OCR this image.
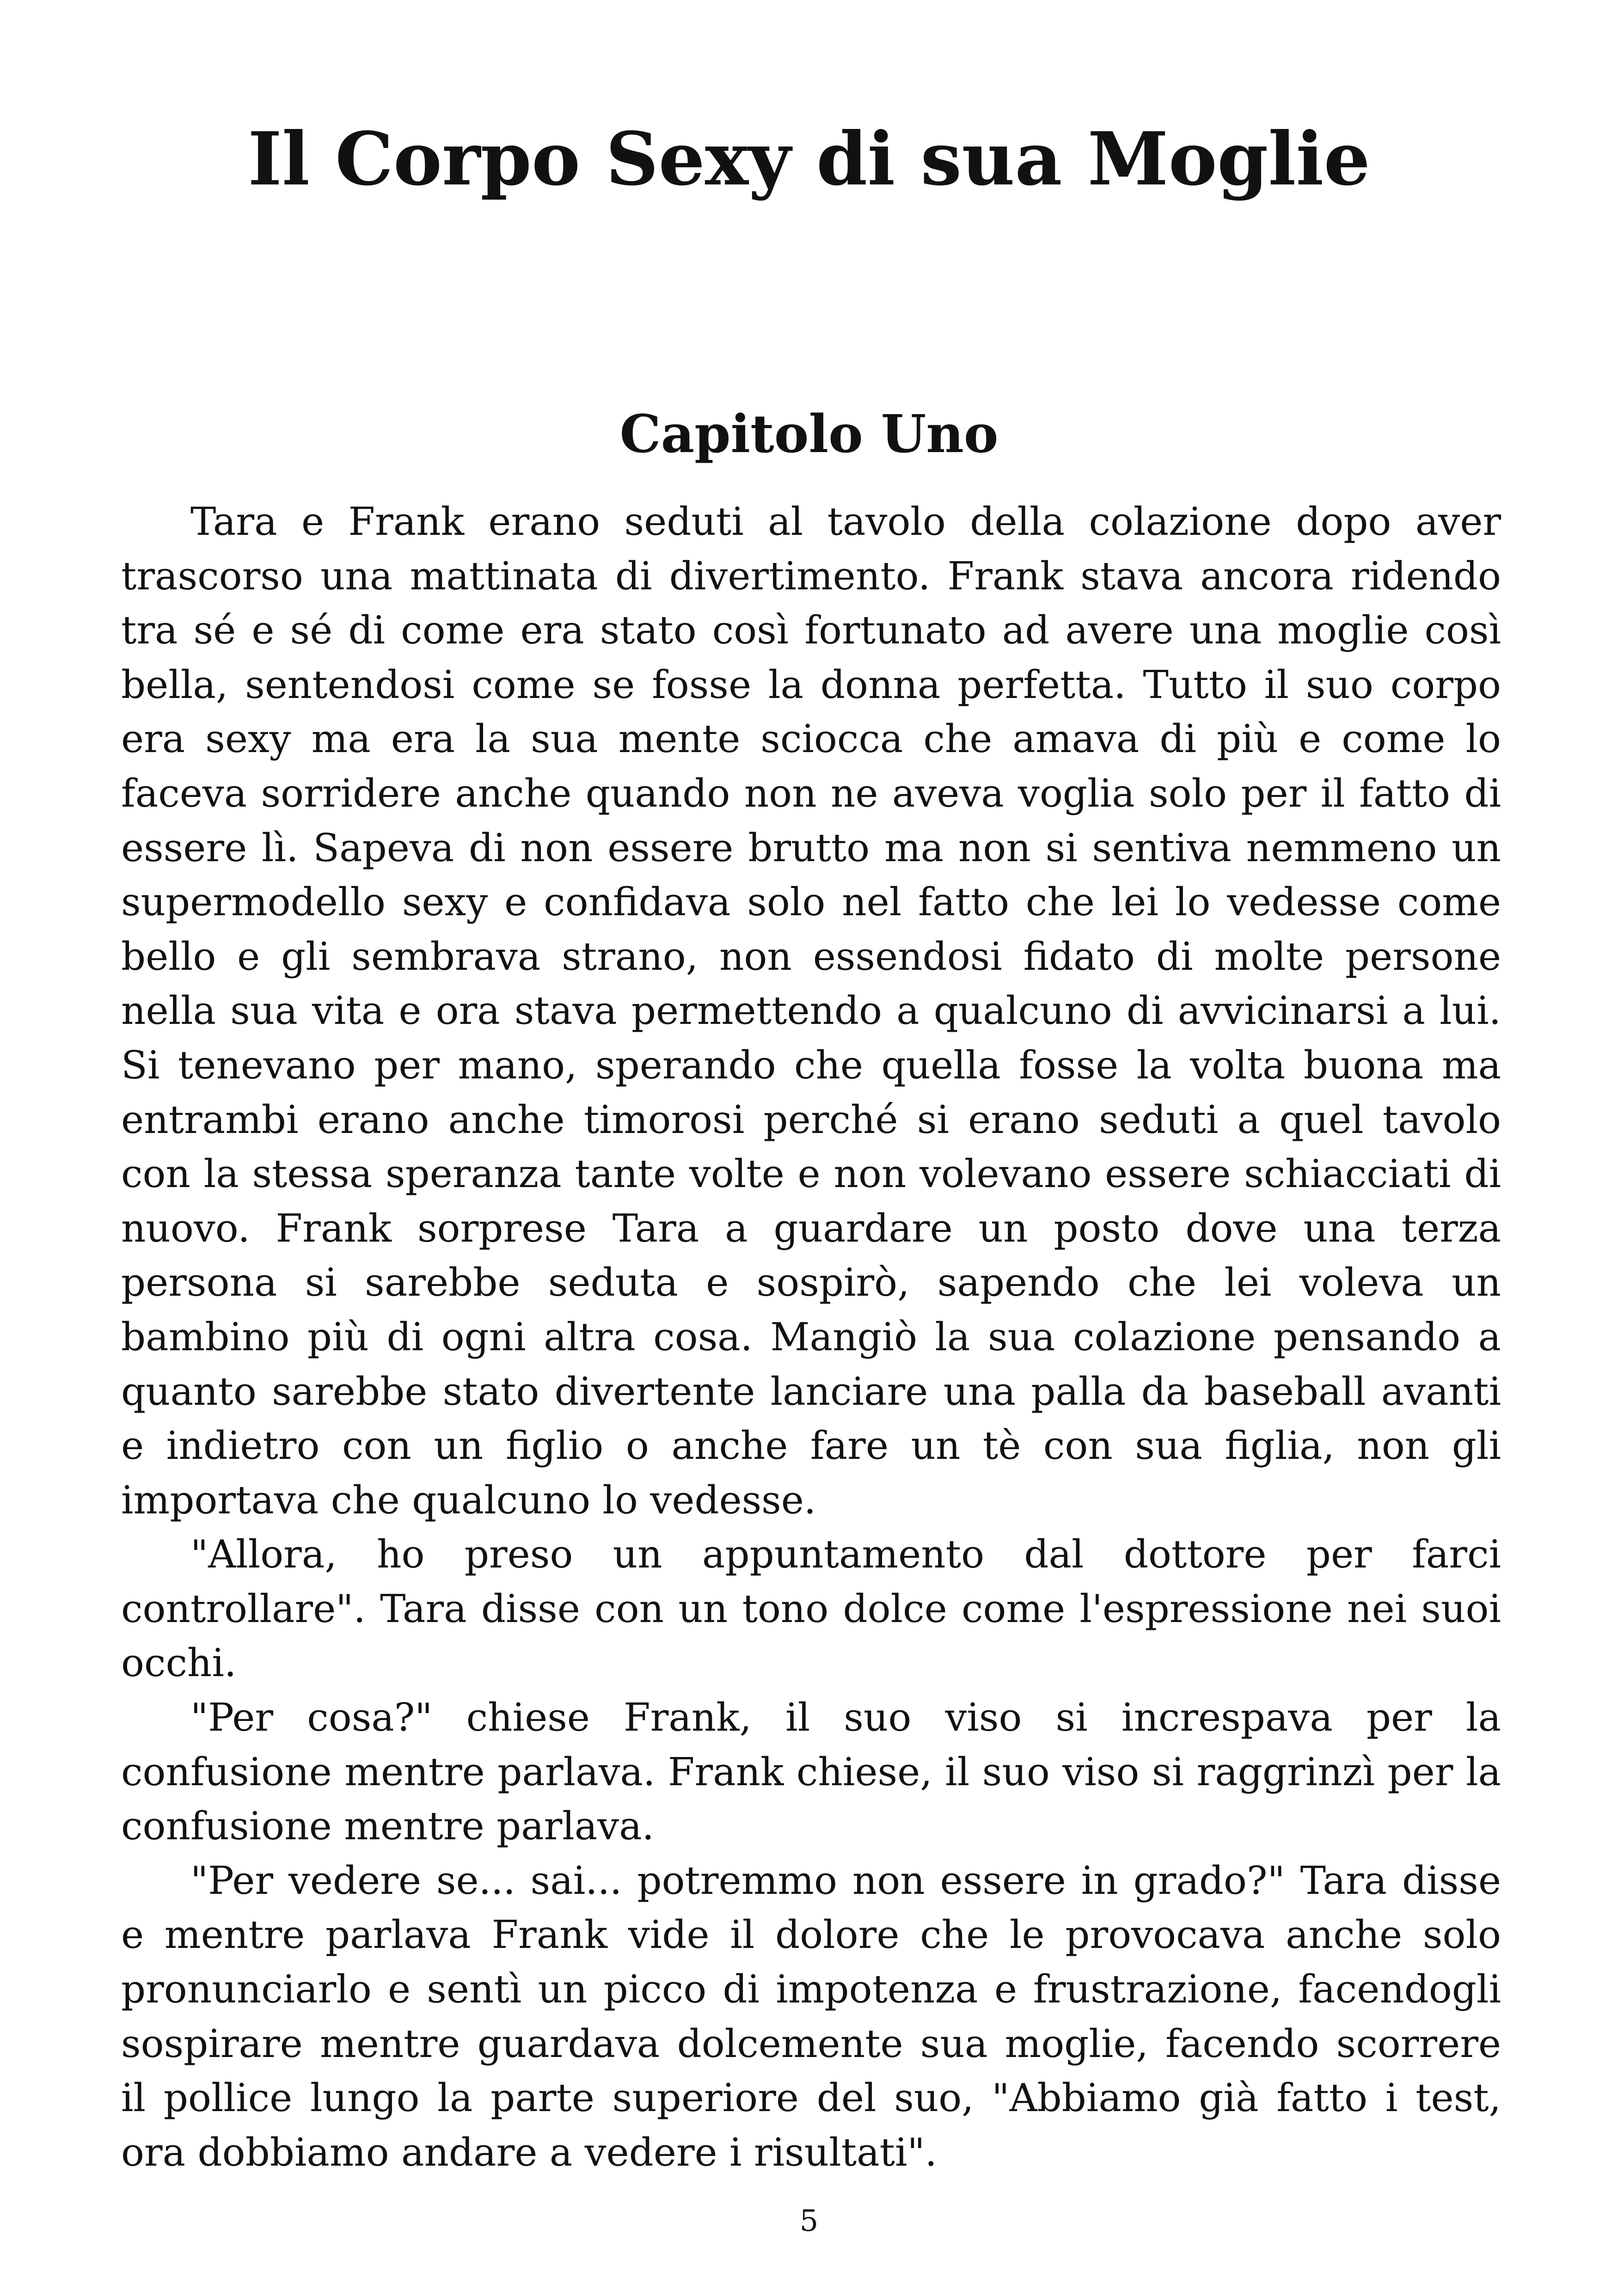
Il Corpo Sexy di sua Moglie
Capitolo Uno

Tara e Frank erano seduti al tavolo della colazione dopo aver trascorso una mattinata di divertimento. Frank stava ancora ridendo tra sé e sé di come era stato così fortunato ad avere una moglie così bella, sentendosi come se fosse la donna perfetta. Tutto il suo corpo era sexy ma era la sua mente sciocca che amava di più e come lo faceva sorridere anche quando non ne aveva voglia solo per il fatto di essere lì. Sapeva di non essere brutto ma non si sentiva nemmeno un supermodello sexy e confidava solo nel fatto che lei lo vedesse come bello e gli sembrava strano, non essendosi fidato di molte persone nella sua vita e ora stava permettendo a qualcuno di avvicinarsi a lui. Si tenevano per mano, sperando che quella fosse la volta buona ma entrambi erano anche timorosi perché si erano seduti a quel tavolo con la stessa speranza tante volte e non volevano essere schiacciati di nuovo. Frank sorprese Tara a guardare un posto dove una terza persona si sarebbe seduta e sospirò, sapendo che lei voleva un bambino più di ogni altra cosa. Mangiò la sua colazione pensando a quanto sarebbe stato divertente lanciare una palla da baseball avanti e indietro con un figlio o anche fare un tè con sua figlia, non gli importava che qualcuno lo vedesse.

"Allora, ho preso un appuntamento dal dottore per farci controllare". Tara disse con un tono dolce come l'espressione nei suoi occhi.

"Per cosa?" chiese Frank, il suo viso si increspava per la confusione mentre parlava. Frank chiese, il suo viso si raggrinzì per la confusione mentre parlava.

"Per vedere se... sai... potremmo non essere in grado?" Tara disse e mentre parlava Frank vide il dolore che le provocava anche solo pronunciarlo e sentì un picco di impotenza e frustrazione, facendogli sospirare mentre guardava dolcemente sua moglie, facendo scorrere il pollice lungo la parte superiore del suo, "Abbiamo già fatto i test, ora dobbiamo andare a vedere i risultati".

5
